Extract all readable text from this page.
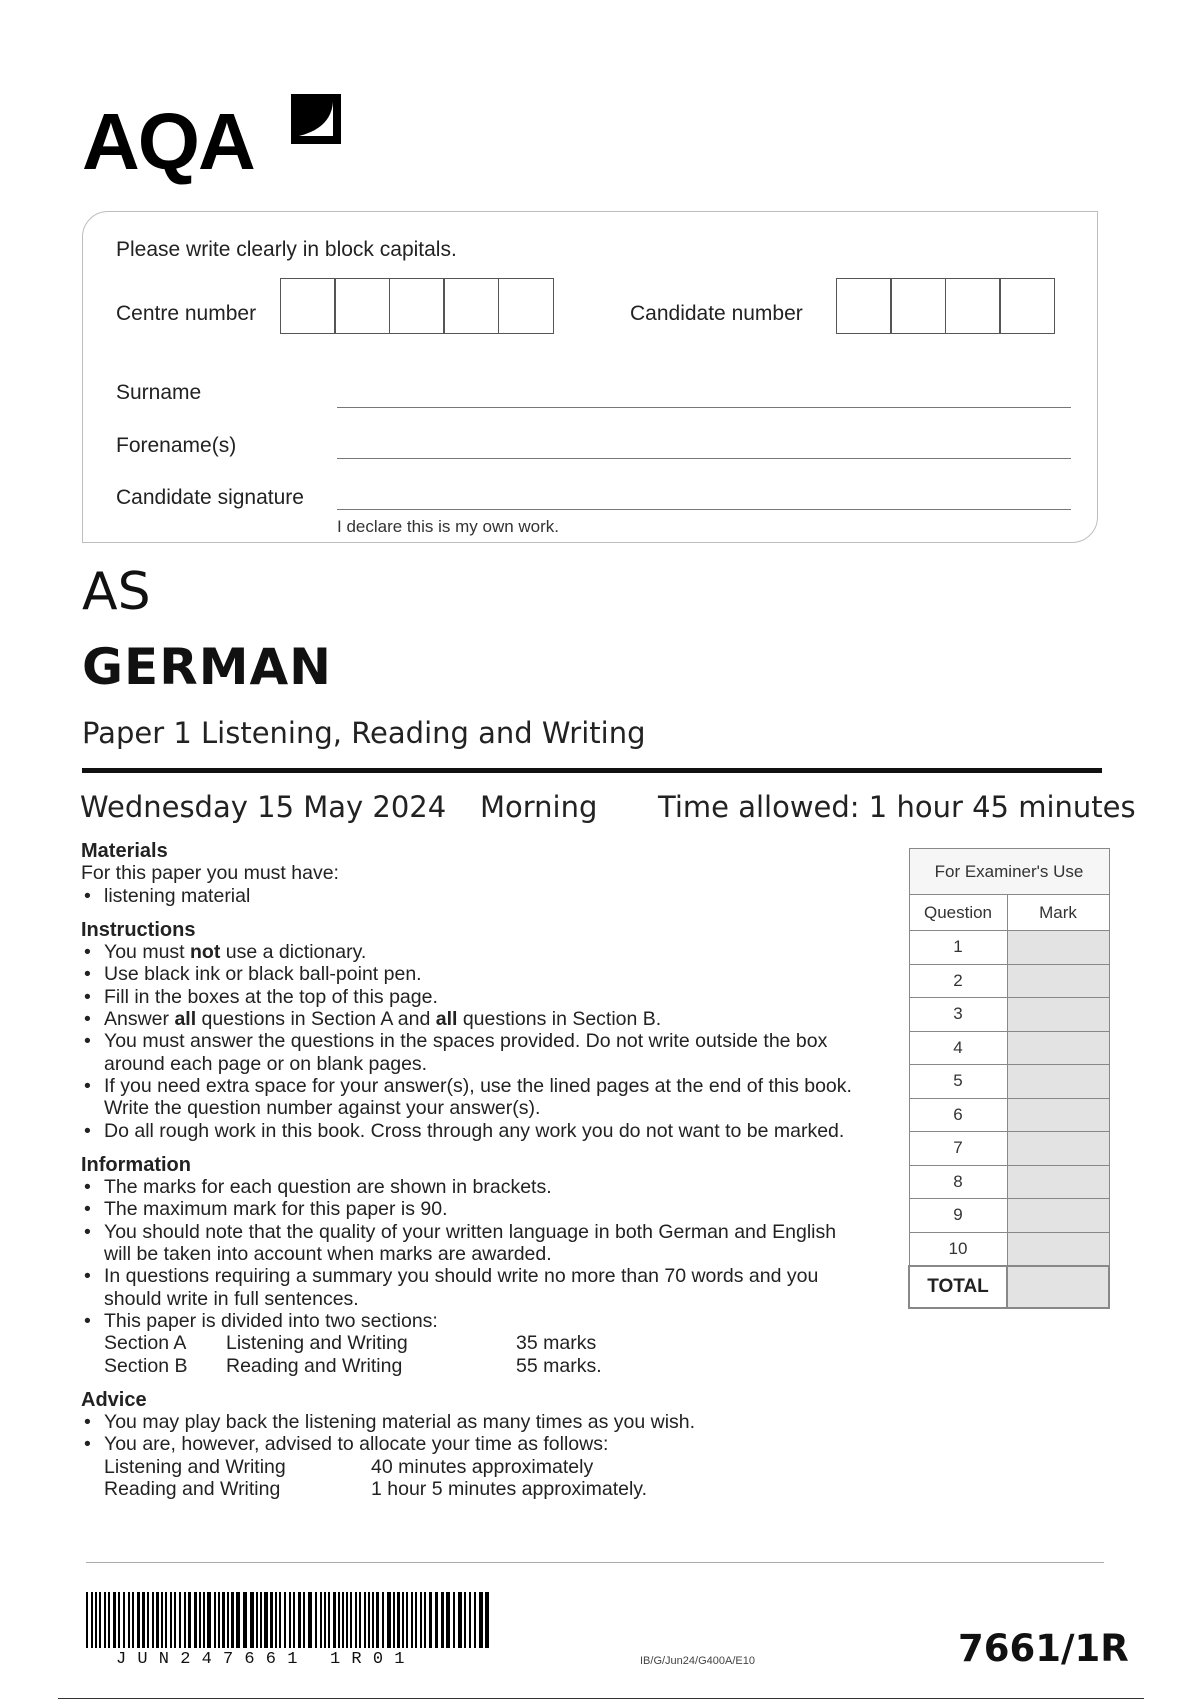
AQA
Please write clearly in block capitals.
Centre number	Candidate number
Surname
Forename(s)
Candidate signature
I declare this is my own work.
AS
GERMAN
Paper 1 Listening, Reading and Writing
Wednesday 15 May 2024 Morning Time allowed: 1 hour 45 minutes
Materials
For this paper you must have:
• listening material
Instructions
• You must not use a dictionary.
• Use black ink or black ball-point pen.
• Fill in the boxes at the top of this page.
• Answer all questions in Section A and all questions in Section B.
• You must answer the questions in the spaces provided. Do not write outside the box around each page or on blank pages.
• If you need extra space for your answer(s), use the lined pages at the end of this book. Write the question number against your answer(s).
• Do all rough work in this book. Cross through any work you do not want to be marked.
Information
• The marks for each question are shown in brackets.
• The maximum mark for this paper is 90.
• You should note that the quality of your written language in both German and English will be taken into account when marks are awarded.
• In questions requiring a summary you should write no more than 70 words and you should write in full sentences.
• This paper is divided into two sections:
Section A	Listening and Writing	35 marks
Section B	Reading and Writing	55 marks.
Advice
• You may play back the listening material as many times as you wish.
• You are, however, advised to allocate your time as follows:
Listening and Writing	40 minutes approximately
Reading and Writing	1 hour 5 minutes approximately.
For Examiner's Use	
Question	Mark
1	
2	
3	
4	
5	
6	
7	
8	
9	
10	
TOTAL	
JUN247661 1R01	IB/G/Jun24/G400A/E10	7661/1R
